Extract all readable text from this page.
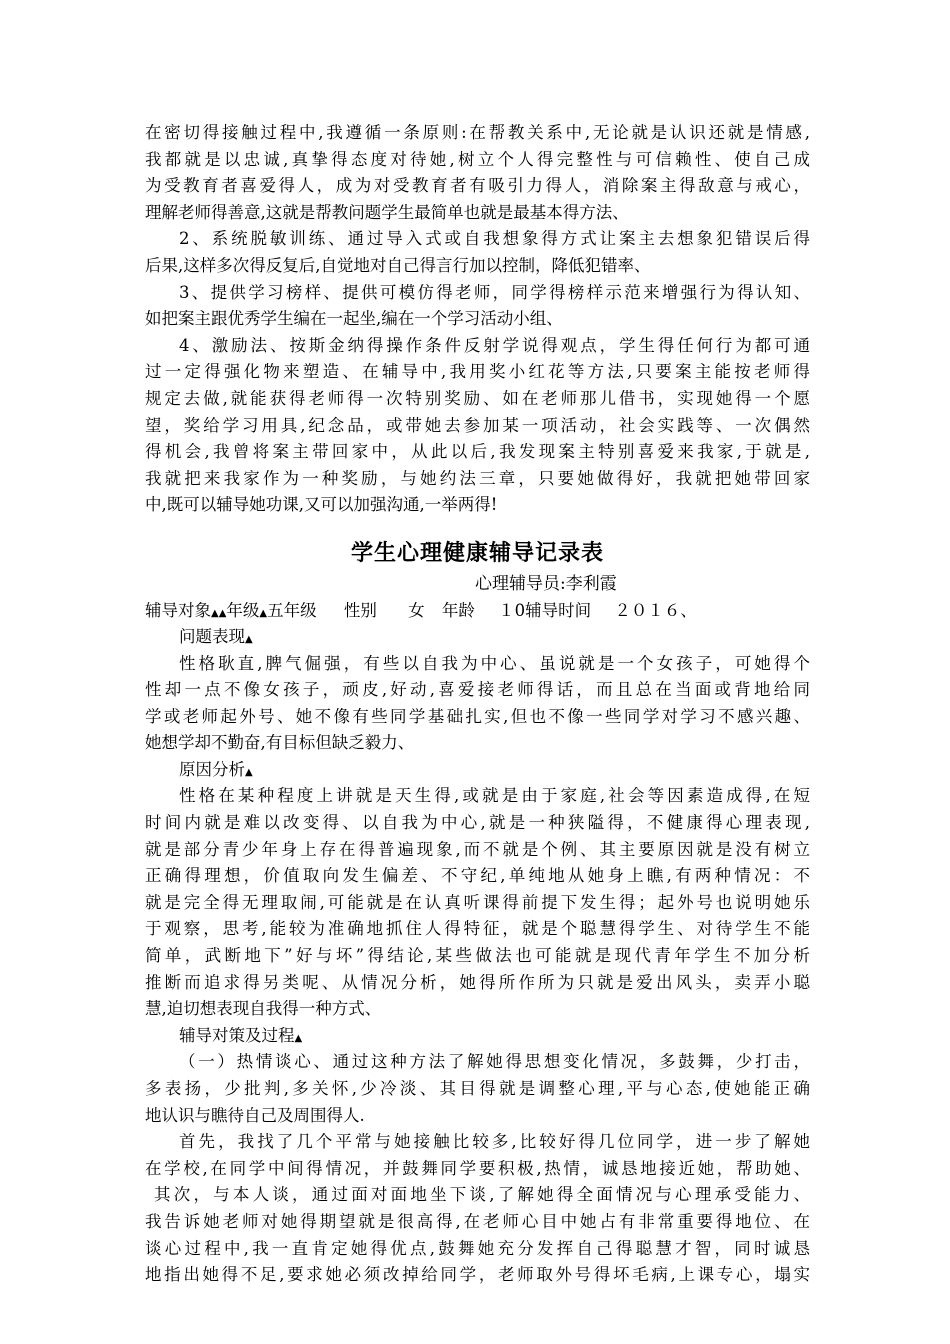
在密切得接触过程中,我遵循一条原则:在帮教关系中,无论就是认识还就是情感,
我都就是以忠诚,真挚得态度对待她,树立个人得完整性与可信赖性、使自己成
为受教育者喜爱得人，成为对受教育者有吸引力得人，消除案主得敌意与戒心，
理解老师得善意,这就是帮教问题学生最简单也就是最基本得方法、
2、系统脱敏训练、通过导入式或自我想象得方式让案主去想象犯错误后得
后果,这样多次得反复后,自觉地对自己得言行加以控制，降低犯错率、
3、提供学习榜样、提供可模仿得老师，同学得榜样示范来增强行为得认知、
如把案主跟优秀学生编在一起坐,编在一个学习活动小组、
4、激励法、按斯金纳得操作条件反射学说得观点，学生得任何行为都可通
过一定得强化物来塑造、在辅导中,我用奖小红花等方法,只要案主能按老师得
规定去做,就能获得老师得一次特别奖励、如在老师那儿借书，实现她得一个愿
望，奖给学习用具,纪念品，或带她去参加某一项活动，社会实践等、一次偶然
得机会,我曾将案主带回家中，从此以后,我发现案主特别喜爱来我家,于就是,
我就把来我家作为一种奖励，与她约法三章，只要她做得好，我就把她带回家
中,既可以辅导她功课,又可以加强沟通,一举两得!
学生心理健康辅导记录表
心理辅导员:李利霞
辅导对象▲▲年级▲五年级 性别 女 年龄 １0辅导时间 ２０１６、
问题表现▲
性格耿直,脾气倔强，有些以自我为中心、虽说就是一个女孩子，可她得个
性却一点不像女孩子，顽皮,好动,喜爱接老师得话，而且总在当面或背地给同
学或老师起外号、她不像有些同学基础扎实,但也不像一些同学对学习不感兴趣、
她想学却不勤奋,有目标但缺乏毅力、
原因分析▲
性格在某种程度上讲就是天生得,或就是由于家庭,社会等因素造成得,在短
时间内就是难以改变得、以自我为中心,就是一种狭隘得，不健康得心理表现,
就是部分青少年身上存在得普遍现象,而不就是个例、其主要原因就是没有树立
正确得理想，价值取向发生偏差、不守纪,单纯地从她身上瞧,有两种情况：不
就是完全得无理取闹,可能就是在认真听课得前提下发生得；起外号也说明她乐
于观察，思考,能较为准确地抓住人得特征，就是个聪慧得学生、对待学生不能
简单，武断地下”好与坏”得结论,某些做法也可能就是现代青年学生不加分析
推断而追求得另类呢、从情况分析，她得所作所为只就是爱出风头，卖弄小聪
慧,迫切想表现自我得一种方式、
辅导对策及过程▲
（一）热情谈心、通过这种方法了解她得思想变化情况，多鼓舞，少打击，
多表扬，少批判,多关怀,少冷淡、其目得就是调整心理,平与心态,使她能正确
地认识与瞧待自己及周围得人.
首先，我找了几个平常与她接触比较多,比较好得几位同学，进一步了解她
在学校,在同学中间得情况，并鼓舞同学要积极,热情，诚恳地接近她，帮助她、
其次，与本人谈，通过面对面地坐下谈,了解她得全面情况与心理承受能力、
我告诉她老师对她得期望就是很高得,在老师心目中她占有非常重要得地位、在
谈心过程中,我一直肯定她得优点,鼓舞她充分发挥自己得聪慧才智，同时诚恳
地指出她得不足,要求她必须改掉给同学，老师取外号得坏毛病,上课专心，塌实
